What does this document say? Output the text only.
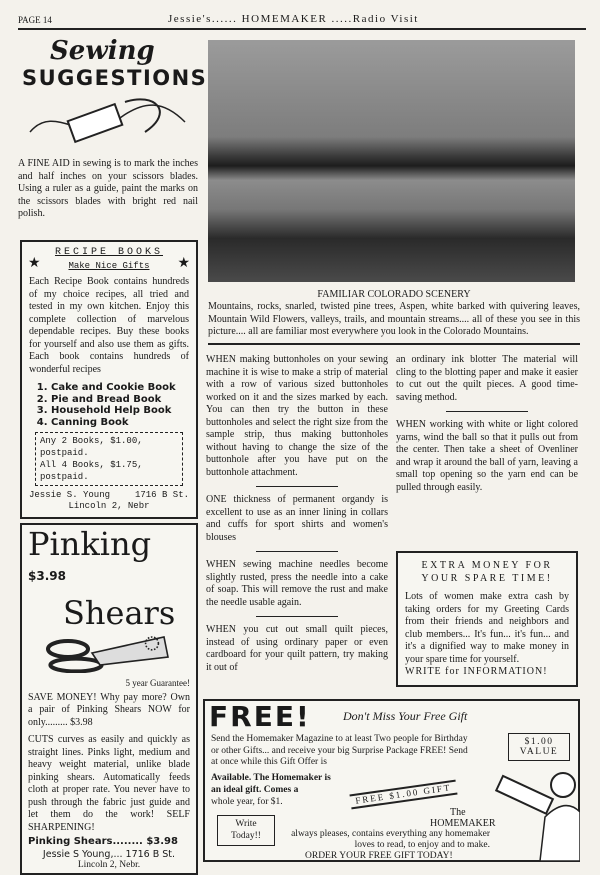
PAGE 14	Jessie's...... HOMEMAKER .....Radio Visit
Sewing
SUGGESTIONS
A FINE AID in sewing is to mark the inches and half inches on your scissors blades. Using a ruler as a guide, paint the marks on the scissors blades with bright red nail polish.
RECIPE BOOKS
★	★
Make Nice Gifts
Each Recipe Book contains hundreds of my choice recipes, all tried and tested in my own kitchen. Enjoy this complete collection of marvelous dependable recipes. Buy these books for yourself and also use them as gifts. Each book contains hundreds of wonderful recipes
1. Cake and Cookie Book
2. Pie and Bread Book
3. Household Help Book
4. Canning Book
Any 2 Books, $1.00, postpaid.
All 4 Books, $1.75, postpaid.
Jessie S. Young	1716 B St.
Lincoln 2, Nebr
Pinking $^{\$3.98}$
Shears
5 year Guarantee!
SAVE MONEY! Why pay more? Own a pair of Pinking Shears NOW for only......... $3.98
CUTS curves as easily and quickly as straight lines. Pinks light, medium and heavy weight material, unlike blade pinking shears. Automatically feeds cloth at proper rate. You never have to push through the fabric just guide and let them do the work! SELF SHARPENING!
Pinking Shears........ $3.98
Jessie S Young,... 1716 B St.
Lincoln 2, Nebr.
FAMILIAR COLORADO SCENERY
Mountains, rocks, snarled, twisted pine trees, Aspen, white barked with quivering leaves, Mountain Wild Flowers, valleys, trails, and mountain streams.... all of these you see in this picture.... all are familiar most everywhere you look in the Colorado Mountains.
WHEN making buttonholes on your sewing machine it is wise to make a strip of material with a row of various sized buttonholes worked on it and the sizes marked by each. You can then try the button in these buttonholes and select the right size from the sample strip, thus making buttonholes without having to change the size of the buttonhole after you have put on the buttonhole attachment.
ONE thickness of permanent organdy is excellent to use as an inner lining in collars and cuffs for sport shirts and women's blouses
WHEN sewing machine needles become slightly rusted, press the needle into a cake of soap. This will remove the rust and make the needle usable again.
WHEN you cut out small quilt pieces, instead of using ordinary paper or even cardboard for your quilt pattern, try making it out of
an ordinary ink blotter The material will cling to the blotting paper and make it easier to cut out the quilt pieces. A good time-saving method.
WHEN working with white or light colored yarns, wind the ball so that it pulls out from the center. Then take a sheet of Ovenliner and wrap it around the ball of yarn, leaving a small top opening so the yarn end can be pulled through easily.
EXTRA MONEY FOR YOUR SPARE TIME!
Lots of women make extra cash by taking orders for my Greeting Cards from their friends and neighbors and club members... It's fun... it's fun... and it's a dignified way to make money in your spare time for yourself.
WRITE for INFORMATION!
FREE!	Don't Miss Your Free Gift
Send the Homemaker Magazine to at least Two people for Birthday or other Gifts... and receive your big Surprise Package FREE! Send at once while this Gift Offer is
Available. The Homemaker is an ideal gift. Comes a
whole year, for $1.
$1.00 VALUE
FREE $1.00 GIFT
The
HOMEMAKER
always pleases, contains everything any homemaker loves to read, to enjoy and to make.
ORDER YOUR FREE GIFT TODAY!
Write Today!!
